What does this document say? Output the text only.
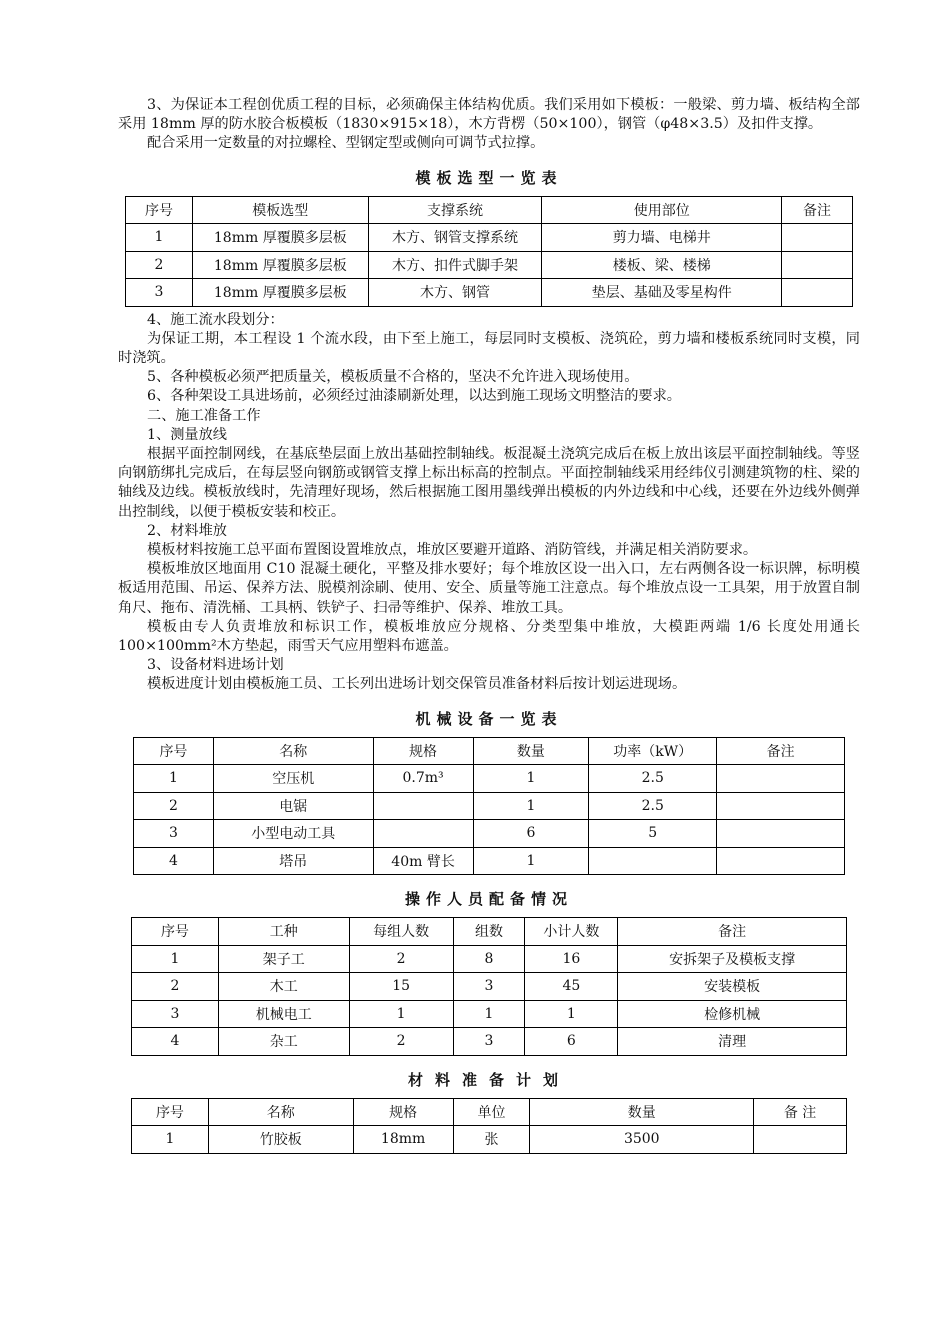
3、为保证本工程创优质工程的目标，必须确保主体结构优质。我们采用如下模板：一般梁、剪力墙、板结构全部采用 18mm 厚的防水胶合板模板（1830×915×18），木方背楞（50×100），钢管（φ48×3.5）及扣件支撑。

配合采用一定数量的对拉螺栓、型钢定型或侧向可调节式拉撑。

模板选型一览表
序号	模板选型	支撑系统	使用部位	备注
1	18mm 厚覆膜多层板	木方、钢管支撑系统	剪力墙、电梯井	
2	18mm 厚覆膜多层板	木方、扣件式脚手架	楼板、梁、楼梯	
3	18mm 厚覆膜多层板	木方、钢管	垫层、基础及零星构件	

4、施工流水段划分：

为保证工期，本工程设 1 个流水段，由下至上施工，每层同时支模板、浇筑砼，剪力墙和楼板系统同时支模，同时浇筑。

5、各种模板必须严把质量关，模板质量不合格的，坚决不允许进入现场使用。

6、各种架设工具进场前，必须经过油漆刷新处理，以达到施工现场文明整洁的要求。

二、施工准备工作

1、测量放线

根据平面控制网线，在基底垫层面上放出基础控制轴线。板混凝土浇筑完成后在板上放出该层平面控制轴线。等竖向钢筋绑扎完成后，在每层竖向钢筋或钢管支撑上标出标高的控制点。平面控制轴线采用经纬仪引测建筑物的柱、梁的轴线及边线。模板放线时，先清理好现场，然后根据施工图用墨线弹出模板的内外边线和中心线，还要在外边线外侧弹出控制线，以便于模板安装和校正。

2、材料堆放

模板材料按施工总平面布置图设置堆放点，堆放区要避开道路、消防管线，并满足相关消防要求。

模板堆放区地面用 C10 混凝土硬化，平整及排水要好；每个堆放区设一出入口，左右两侧各设一标识牌，标明模板适用范围、吊运、保养方法、脱模剂涂刷、使用、安全、质量等施工注意点。每个堆放点设一工具架，用于放置自制角尺、拖布、清洗桶、工具柄、铁铲子、扫帚等维护、保养、堆放工具。

模板由专人负责堆放和标识工作，模板堆放应分规格、分类型集中堆放，大模距两端 1/6 长度处用通长 100×100mm²木方垫起，雨雪天气应用塑料布遮盖。

3、设备材料进场计划

模板进度计划由模板施工员、工长列出进场计划交保管员准备材料后按计划运进现场。

机械设备一览表
序号	名称	规格	数量	功率（kW）	备注
1	空压机	0.7m³	1	2.5	
2	电锯		1	2.5	
3	小型电动工具		6	5	
4	塔吊	40m 臂长	1		
操作人员配备情况
序号	工种	每组人数	组数	小计人数	备注
1	架子工	2	8	16	安拆架子及模板支撑
2	木工	15	3	45	安装模板
3	机械电工	1	1	1	检修机械
4	杂工	2	3	6	清理
材料准备计划
序号	名称	规格	单位	数量	备 注
1	竹胶板	18mm	张	3500	
